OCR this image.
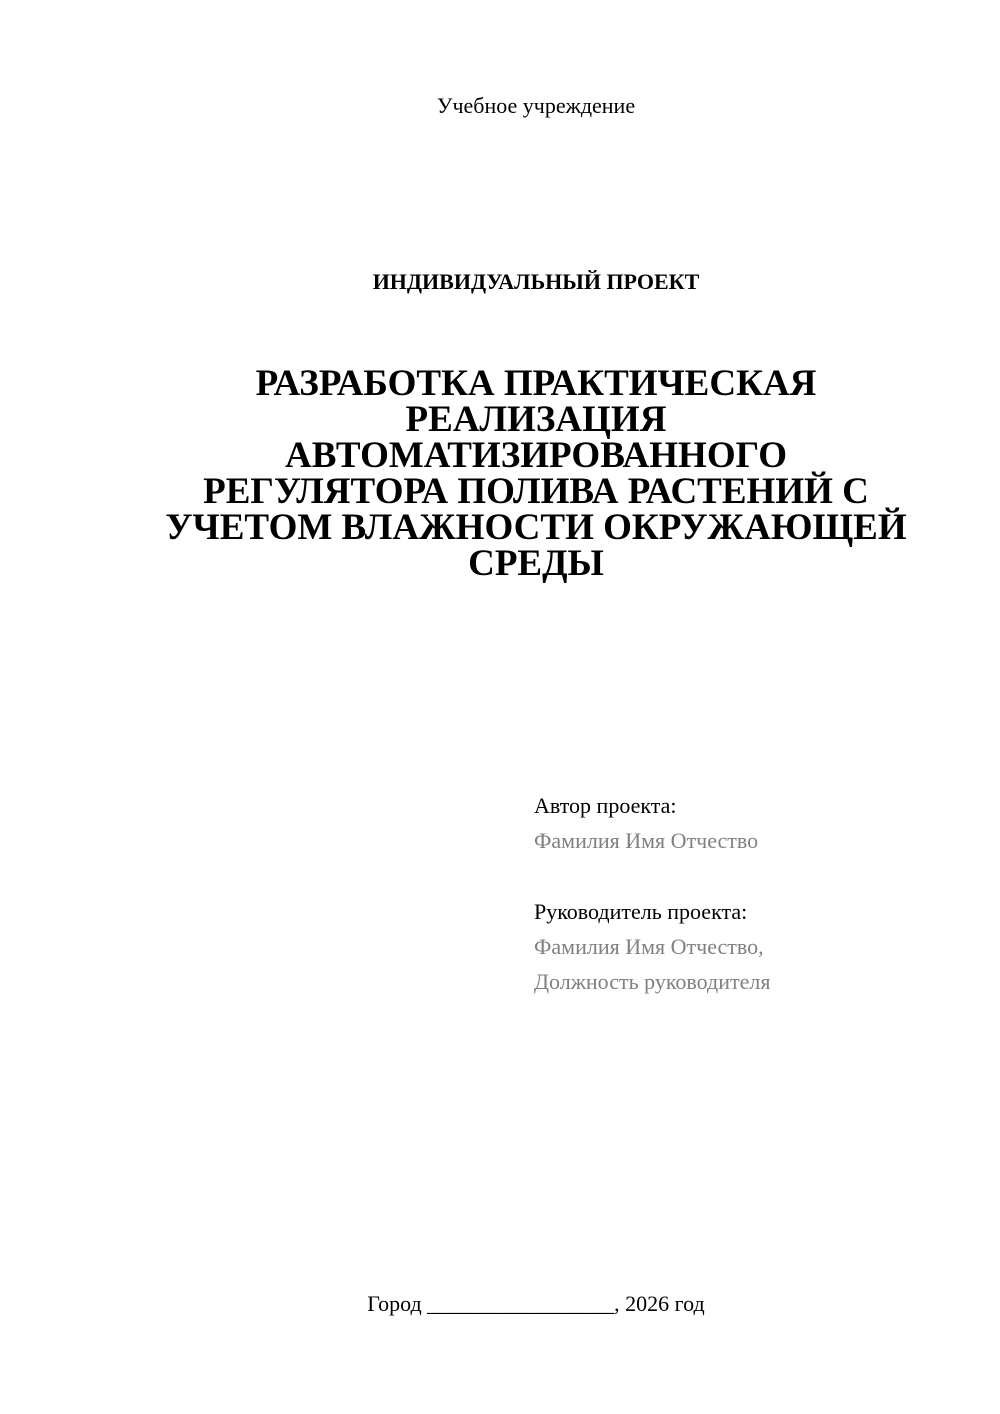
Учебное учреждение
ИНДИВИДУАЛЬНЫЙ ПРОЕКТ
РАЗРАБОТКА ПРАКТИЧЕСКАЯ
РЕАЛИЗАЦИЯ
АВТОМАТИЗИРОВАННОГО
РЕГУЛЯТОРА ПОЛИВА РАСТЕНИЙ С
УЧЕТОМ ВЛАЖНОСТИ ОКРУЖАЮЩЕЙ
СРЕДЫ
Автор проекта:
Фамилия Имя Отчество
Руководитель проекта:
Фамилия Имя Отчество,
Должность руководителя
Город _________________, 2026 год
